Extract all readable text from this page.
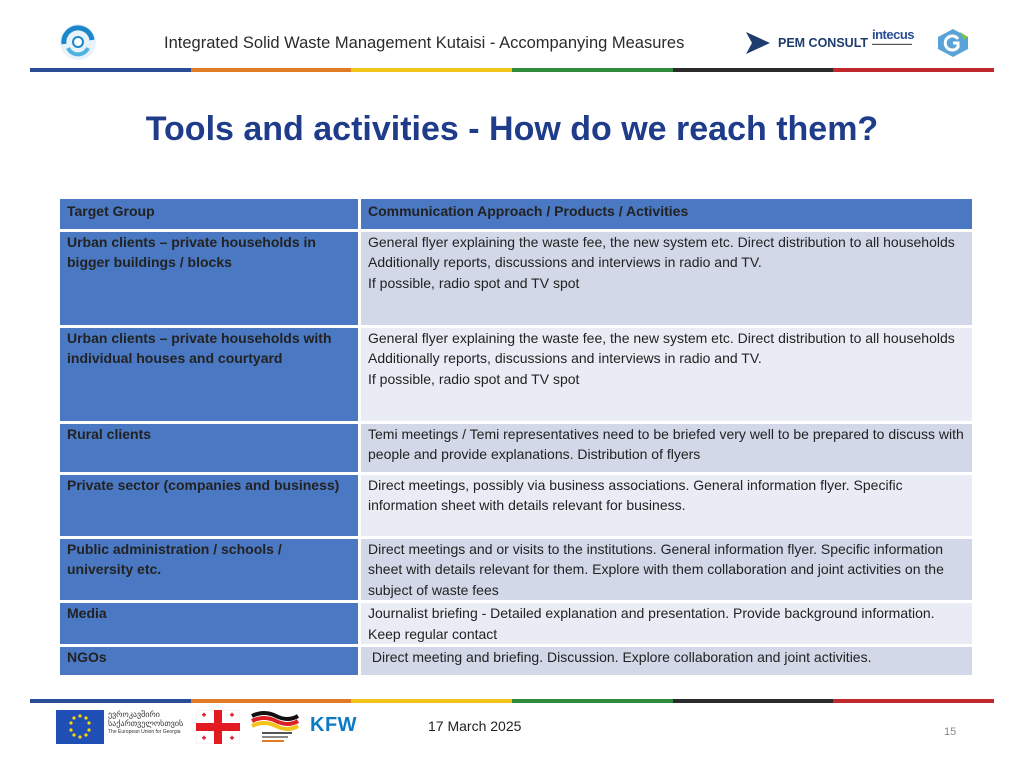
Integrated Solid Waste Management Kutaisi - Accompanying Measures	PEM CONSULT
intecus
▬▬▬▬▬▬▬▬▬▬
Tools and activities - How do we reach them?
Target Group	Communication Approach / Products / Activities
Urban clients – private households in bigger buildings / blocks	General flyer explaining the waste fee, the new system etc. Direct distribution to all households
Additionally reports, discussions and interviews in radio and TV.
If possible, radio spot and TV spot

Urban clients – private households with individual houses and courtyard	General flyer explaining the waste fee, the new system etc. Direct distribution to all households
Additionally reports, discussions and interviews in radio and TV.
If possible, radio spot and TV spot

Rural clients	Temi meetings / Temi representatives need to be briefed very well to be prepared to discuss with people and provide explanations. Distribution of flyers

Private sector (companies and business)	Direct meetings, possibly via business associations. General information flyer. Specific information sheet with details relevant for business.

Public administration / schools / university etc.	Direct meetings and or visits to the institutions. General information flyer. Specific information sheet with details relevant for them. Explore with them collaboration and joint activities on the subject of waste fees

Media	Journalist briefing - Detailed explanation and presentation. Provide background information. Keep regular contact

NGOs	Direct meeting and briefing. Discussion. Explore collaboration and joint activities.
ევროკავშირი
საქართველოსთვის
The European Union for Georgia	KFW	17 March 2025	15
